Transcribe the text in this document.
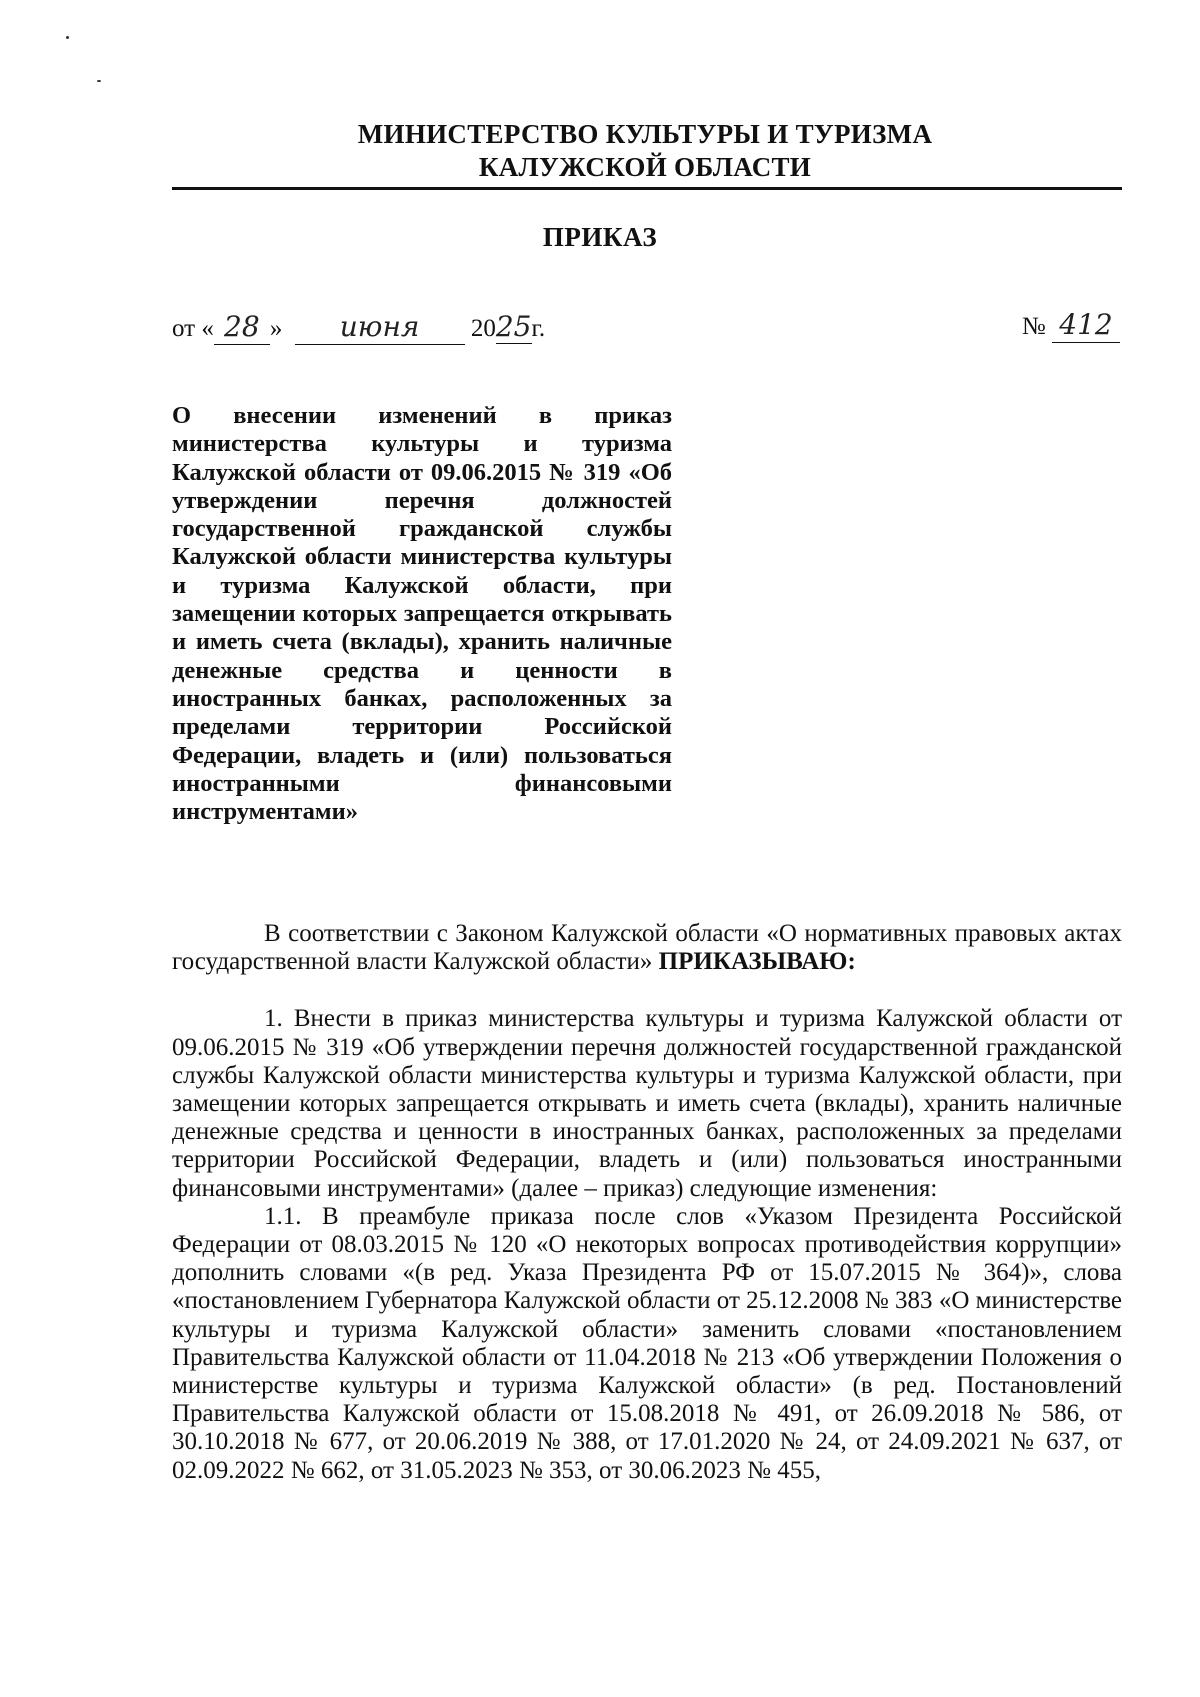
МИНИСТЕРСТВО КУЛЬТУРЫ И ТУРИЗМА
КАЛУЖСКОЙ ОБЛАСТИ
ПРИКАЗ
от « 28 » июня 2025г.	№ 412
О внесении изменений в приказ министерства культуры и туризма Калужской области от 09.06.2015 № 319 «Об утверждении перечня должностей государственной гражданской службы Калужской области министерства культуры и туризма Калужской области, при замещении которых запрещается открывать и иметь счета (вклады), хранить наличные денежные средства и ценности в иностранных банках, расположенных за пределами территории Российской Федерации, владеть и (или) пользоваться иностранными финансовыми инструментами»

В соответствии с Законом Калужской области «О нормативных правовых актах государственной власти Калужской области» ПРИКАЗЫВАЮ:

1. Внести в приказ министерства культуры и туризма Калужской области от 09.06.2015 № 319 «Об утверждении перечня должностей государственной гражданской службы Калужской области министерства культуры и туризма Калужской области, при замещении которых запрещается открывать и иметь счета (вклады), хранить наличные денежные средства и ценности в иностранных банках, расположенных за пределами территории Российской Федерации, владеть и (или) пользоваться иностранными финансовыми инструментами» (далее – приказ) следующие изменения:

1.1. В преамбуле приказа после слов «Указом Президента Российской Федерации от 08.03.2015 № 120 «О некоторых вопросах противодействия коррупции» дополнить словами «(в ред. Указа Президента РФ от 15.07.2015 № 364)», слова «постановлением Губернатора Калужской области от 25.12.2008 № 383 «О министерстве культуры и туризма Калужской области» заменить словами «постановлением Правительства Калужской области от 11.04.2018 № 213 «Об утверждении Положения о министерстве культуры и туризма Калужской области» (в ред. Постановлений Правительства Калужской области от 15.08.2018 № 491, от 26.09.2018 № 586, от 30.10.2018 № 677, от 20.06.2019 № 388, от 17.01.2020 № 24, от 24.09.2021 № 637, от 02.09.2022 № 662, от 31.05.2023 № 353, от 30.06.2023 № 455,
